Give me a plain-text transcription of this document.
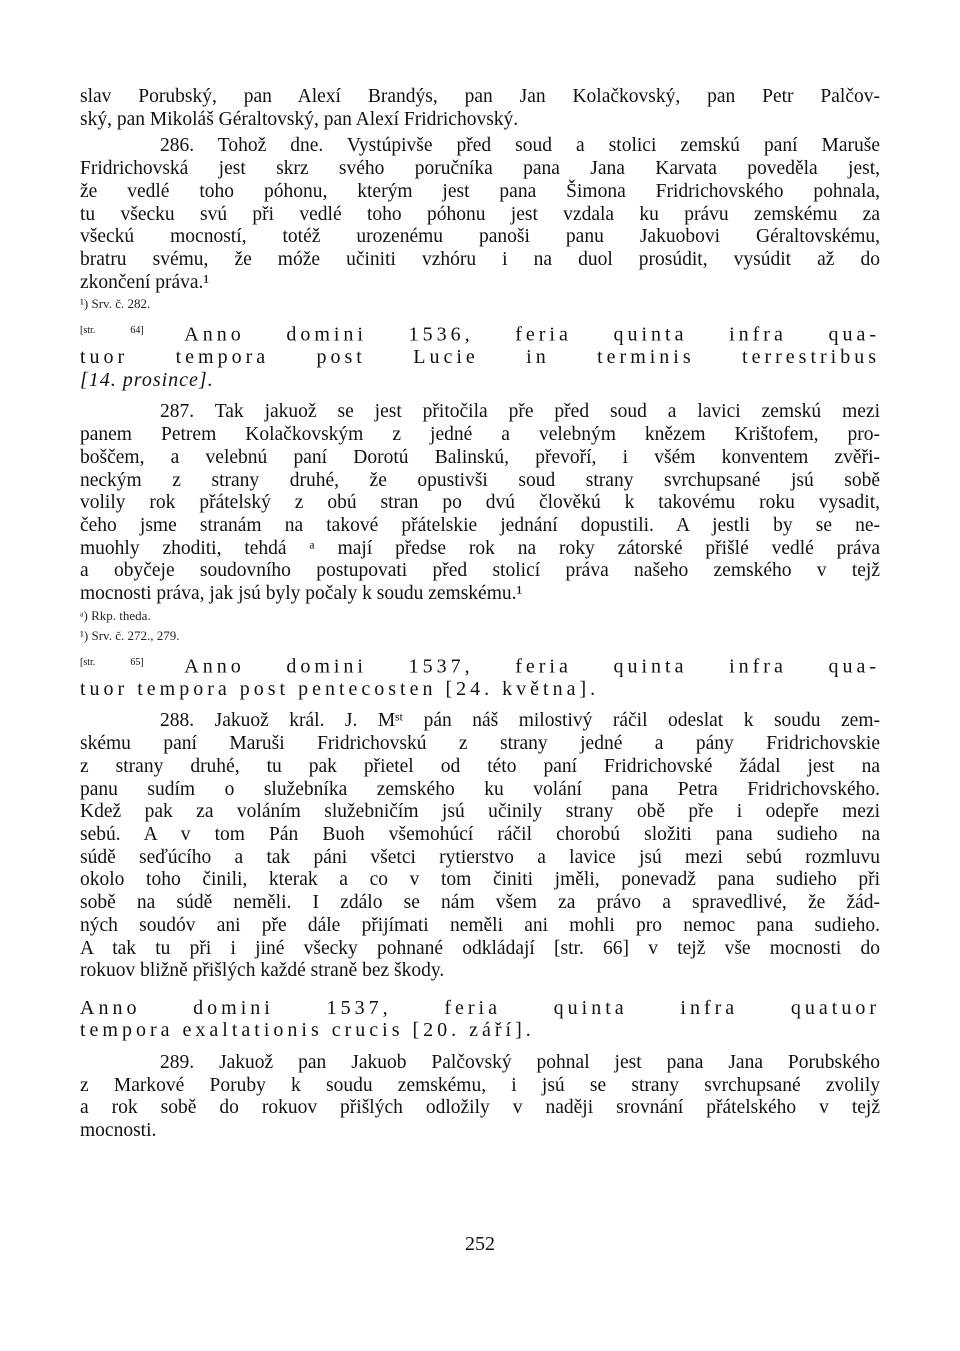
slav Porubský, pan Alexí Brandýs, pan Jan Kolačkovský, pan Petr Palčov-
ský, pan Mikoláš Géraltovský, pan Alexí Fridrichovský.
286. Tohož dne. Vystúpivše před soud a stolici zemskú paní Maruše
Fridrichovská jest skrz svého poručníka pana Jana Karvata poveděla jest,
že vedlé toho póhonu, kterým jest pana Šimona Fridrichovského pohnala,
tu všecku svú při vedlé toho póhonu jest vzdala ku právu zemskému za
všeckú mocností, totéž urozenému panoši panu Jakuobovi Géraltovskému,
bratru svému, že móže učiniti vzhóru i na duol prosúdit, vysúdit až do
zkončení práva.¹
¹) Srv. č. 282.
[str. 64] Anno domini 1536, feria quinta infra qua-
tuor tempora post Lucie in terminis terrestribus
[14. prosince].
287. Tak jakuož se jest přitočila pře před soud a lavici zemskú mezi
panem Petrem Kolačkovským z jedné a velebným knězem Krištofem, pro-
boščem, a velebnú paní Dorotú Balinskú, převoří, i všém konventem zvěři-
neckým z strany druhé, že opustivši soud strany svrchupsané jsú sobě
volily rok přátelský z obú stran po dvú člověkú k takovému roku vysadit,
čeho jsme stranám na takové přátelskie jednání dopustili. A jestli by se ne-
muohly zhoditi, tehdá ᵃ mají předse rok na roky zátorské přišlé vedlé práva
a obyčeje soudovního postupovati před stolicí práva našeho zemského v tejž
mocnosti práva, jak jsú byly počaly k soudu zemskému.¹
ᵃ) Rkp. theda.
¹) Srv. č. 272., 279.
[str. 65] Anno domini 1537, feria quinta infra qua-
tuor tempora post pentecosten [24. května].
288. Jakuož král. J. Mˢᵗ pán náš milostivý ráčil odeslat k soudu zem-
skému paní Maruši Fridrichovskú z strany jedné a pány Fridrichovskie
z strany druhé, tu pak přietel od této paní Fridrichovské žádal jest na
panu sudím o služebníka zemského ku volání pana Petra Fridrichovského.
Kdež pak za voláním služebničím jsú učinily strany obě pře i odepře mezi
sebú. A v tom Pán Buoh všemohúcí ráčil chorobú složiti pana sudieho na
súdě seďúcího a tak páni všetci rytierstvo a lavice jsú mezi sebú rozmluvu
okolo toho činili, kterak a co v tom činiti jměli, ponevadž pana sudieho při
sobě na súdě neměli. I zdálo se nám všem za právo a spravedlivé, že žád-
ných soudóv ani pře dále přijímati neměli ani mohli pro nemoc pana sudieho.
A tak tu při i jiné všecky pohnané odkládají [str. 66] v tejž vše mocnosti do
rokuov bližně přišlých každé straně bez škody.
Anno domini 1537, feria quinta infra quatuor
tempora exaltationis crucis [20. září].
289. Jakuož pan Jakuob Palčovský pohnal jest pana Jana Porubského
z Markové Poruby k soudu zemskému, i jsú se strany svrchupsané zvolily
a rok sobě do rokuov přišlých odložily v naději srovnání přátelského v tejž
mocnosti.
252
